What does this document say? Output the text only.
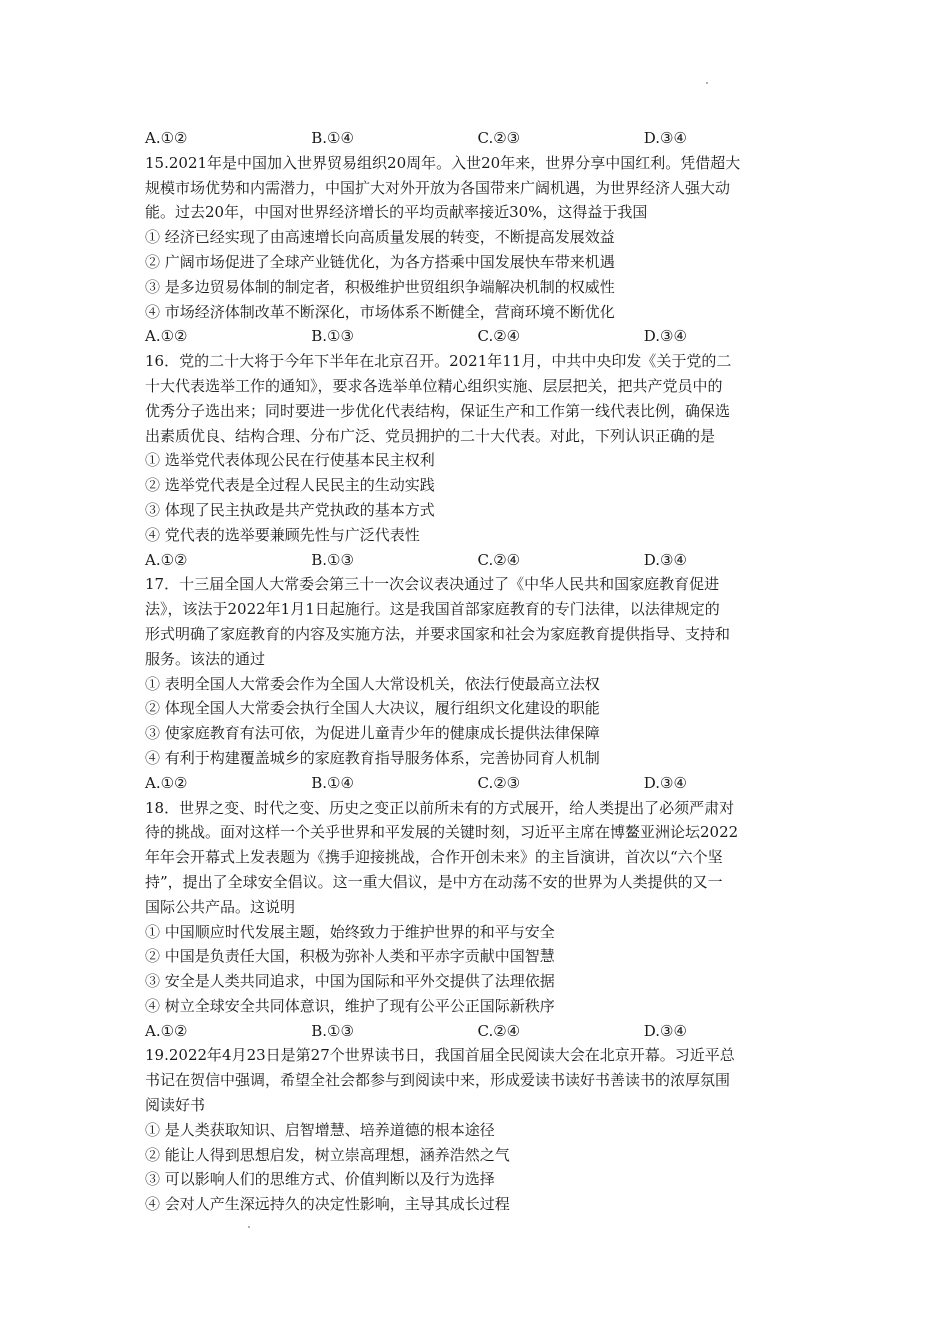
A.①②	B.①④	C.②③	D.③④
15.2021年是中国加入世界贸易组织20周年。入世20年来，世界分享中国红利。凭借超大
规模市场优势和内需潜力，中国扩大对外开放为各国带来广阔机遇，为世界经济人强大动
能。过去20年，中国对世界经济增长的平均贡献率接近30%，这得益于我国
① 经济已经实现了由高速增长向高质量发展的转变，不断提高发展效益
② 广阔市场促进了全球产业链优化，为各方搭乘中国发展快车带来机遇
③ 是多边贸易体制的制定者，积极维护世贸组织争端解决机制的权威性
④ 市场经济体制改革不断深化，市场体系不断健全，营商环境不断优化
A.①②	B.①③	C.②④	D.③④
16．党的二十大将于今年下半年在北京召开。2021年11月，中共中央印发《关于党的二
十大代表选举工作的通知》，要求各选举单位精心组织实施、层层把关，把共产党员中的
优秀分子选出来；同时要进一步优化代表结构，保证生产和工作第一线代表比例，确保选
出素质优良、结构合理、分布广泛、党员拥护的二十大代表。对此，下列认识正确的是
① 选举党代表体现公民在行使基本民主权利
② 选举党代表是全过程人民民主的生动实践
③ 体现了民主执政是共产党执政的基本方式
④ 党代表的选举要兼顾先性与广泛代表性
A.①②	B.①③	C.②④	D.③④
17．十三届全国人大常委会第三十一次会议表决通过了《中华人民共和国家庭教育促进
法》，该法于2022年1月1日起施行。这是我国首部家庭教育的专门法律，以法律规定的
形式明确了家庭教育的内容及实施方法，并要求国家和社会为家庭教育提供指导、支持和
服务。该法的通过
① 表明全国人大常委会作为全国人大常设机关，依法行使最高立法权
② 体现全国人大常委会执行全国人大决议，履行组织文化建设的职能
③ 使家庭教育有法可依，为促进儿童青少年的健康成长提供法律保障
④ 有利于构建覆盖城乡的家庭教育指导服务体系，完善协同育人机制
A.①②	B.①④	C.②③	D.③④
18．世界之变、时代之变、历史之变正以前所未有的方式展开，给人类提出了必须严肃对
待的挑战。面对这样一个关乎世界和平发展的关键时刻，习近平主席在博鳌亚洲论坛2022
年年会开幕式上发表题为《携手迎接挑战，合作开创未来》的主旨演讲，首次以“六个坚
持”，提出了全球安全倡议。这一重大倡议，是中方在动荡不安的世界为人类提供的又一
国际公共产品。这说明
① 中国顺应时代发展主题，始终致力于维护世界的和平与安全
② 中国是负责任大国，积极为弥补人类和平赤字贡献中国智慧
③ 安全是人类共同追求，中国为国际和平外交提供了法理依据
④ 树立全球安全共同体意识，维护了现有公平公正国际新秩序
A.①②	B.①③	C.②④	D.③④
19.2022年4月23日是第27个世界读书日，我国首届全民阅读大会在北京开幕。习近平总
书记在贺信中强调，希望全社会都参与到阅读中来，形成爱读书读好书善读书的浓厚氛围
阅读好书
① 是人类获取知识、启智增慧、培养道德的根本途径
② 能让人得到思想启发，树立崇高理想，涵养浩然之气
③ 可以影响人们的思维方式、价值判断以及行为选择
④ 会对人产生深远持久的决定性影响，主导其成长过程
